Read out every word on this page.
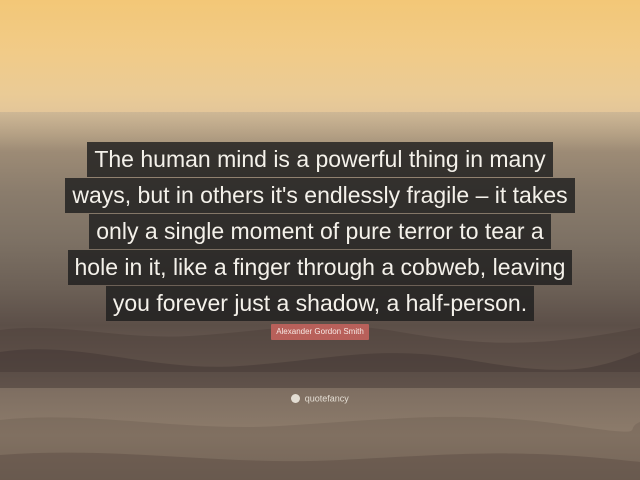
The human mind is a powerful thing in many
ways, but in others it's endlessly fragile – it takes
only a single moment of pure terror to tear a
hole in it, like a finger through a cobweb, leaving
you forever just a shadow, a half-person.
Alexander Gordon Smith
quotefancy
